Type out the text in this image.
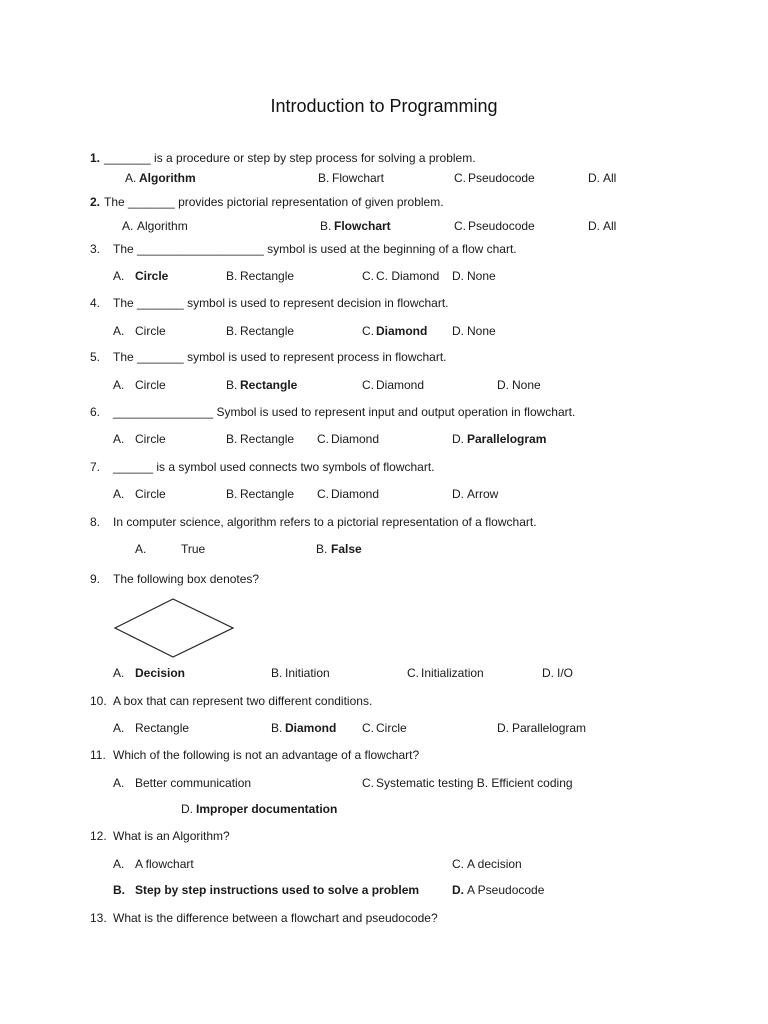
Introduction to Programming
1. _______ is a procedure or step by step process for solving a problem.
A. Algorithm	B. Flowchart	C. Pseudocode	D. All
2. The _______ provides pictorial representation of given problem.
A. Algorithm	B. Flowchart	C. Pseudocode	D. All
3. The ___________________ symbol is used at the beginning of a flow chart.
A. Circle	B. Rectangle	C. C. Diamond D. None
4. The _______ symbol is used to represent decision in flowchart.
A. Circle	B. Rectangle	C. Diamond D. None
5. The _______ symbol is used to represent process in flowchart.
A. Circle	B. Rectangle	C. Diamond	D. None
6. _______________ Symbol is used to represent input and output operation in flowchart.
A. Circle	B. Rectangle C. Diamond	D. Parallelogram
7. ______ is a symbol used connects two symbols of flowchart.
A. Circle	B. Rectangle C. Diamond	D. Arrow
8. In computer science, algorithm refers to a pictorial representation of a flowchart.
A.	True	B. False
9. The following box denotes?
A. Decision	B. Initiation	C. Initialization	D. I/O
10. A box that can represent two different conditions.
A. Rectangle	B. Diamond C. Circle	D. Parallelogram
11. Which of the following is not an advantage of a flowchart?
A. Better communication	C. Systematic testing B. Efficient coding
D. Improper documentation
12. What is an Algorithm?
A. A flowchart	C. A decision
B. Step by step instructions used to solve a problem	D. A Pseudocode
13. What is the difference between a flowchart and pseudocode?
